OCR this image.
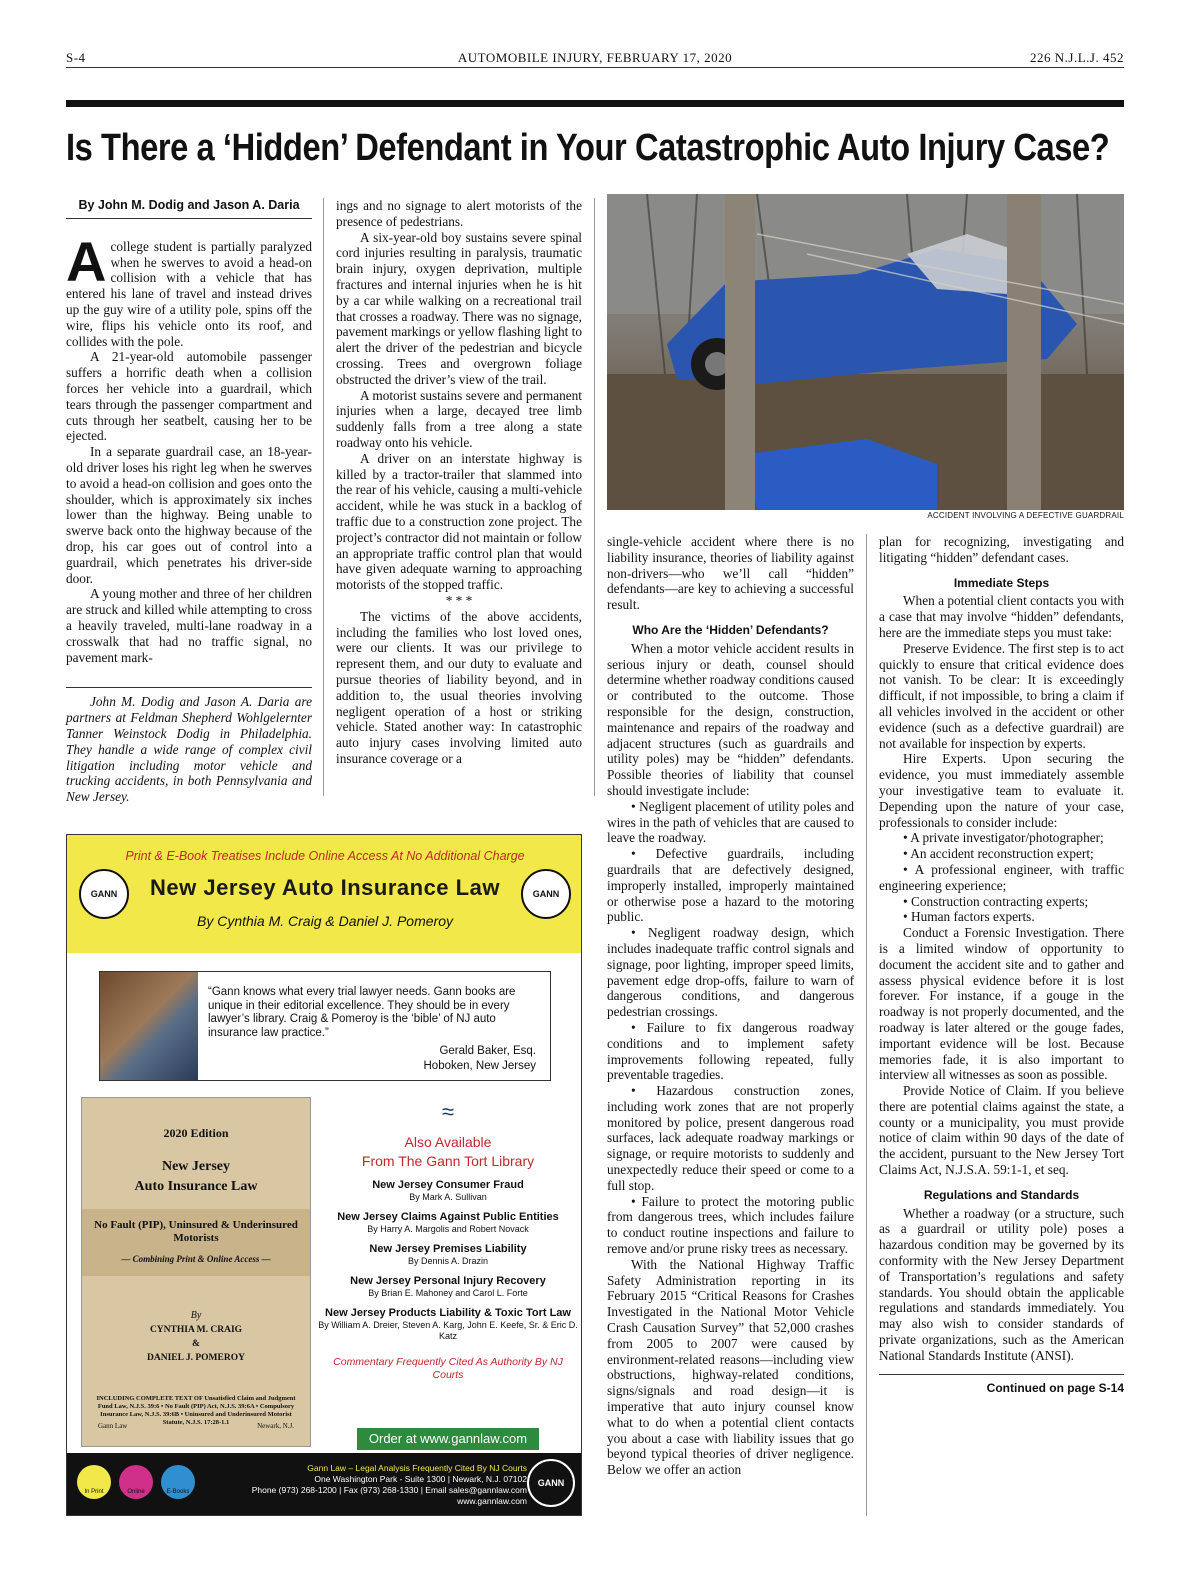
S-4	AUTOMOBILE INJURY, FEBRUARY 17, 2020	226 N.J.L.J. 452
Is There a ‘Hidden’ Defendant in Your Catastrophic Auto Injury Case?
By John M. Dodig and Jason A. Daria

Acollege student is partially paralyzed when he swerves to avoid a head-on collision with a vehicle that has entered his lane of travel and instead drives up the guy wire of a utility pole, spins off the wire, flips his vehicle onto its roof, and collides with the pole.

A 21-year-old automobile passenger suffers a horrific death when a collision forces her vehicle into a guardrail, which tears through the passenger compartment and cuts through her seatbelt, causing her to be ejected.

In a separate guardrail case, an 18-year-old driver loses his right leg when he swerves to avoid a head-on collision and goes onto the shoulder, which is approximately six inches lower than the highway. Being unable to swerve back onto the highway because of the drop, his car goes out of control into a guardrail, which penetrates his driver-side door.

A young mother and three of her children are struck and killed while attempting to cross a heavily traveled, multi-lane roadway in a crosswalk that had no traffic signal, no pavement mark-

John M. Dodig and Jason A. Daria are partners at Feldman Shepherd Wohlgelernter Tanner Weinstock Dodig in Philadelphia. They handle a wide range of complex civil litigation including motor vehicle and trucking accidents, in both Pennsylvania and New Jersey.

ings and no signage to alert motorists of the presence of pedestrians.

A six-year-old boy sustains severe spinal cord injuries resulting in paralysis, traumatic brain injury, oxygen deprivation, multiple fractures and internal injuries when he is hit by a car while walking on a recreational trail that crosses a roadway. There was no signage, pavement markings or yellow flashing light to alert the driver of the pedestrian and bicycle crossing. Trees and overgrown foliage obstructed the driver’s view of the trail.

A motorist sustains severe and permanent injuries when a large, decayed tree limb suddenly falls from a tree along a state roadway onto his vehicle.

A driver on an interstate highway is killed by a tractor-trailer that slammed into the rear of his vehicle, causing a multi-vehicle accident, while he was stuck in a backlog of traffic due to a construction zone project. The project’s contractor did not maintain or follow an appropriate traffic control plan that would have given adequate warning to approaching motorists of the stopped traffic.

* * *

The victims of the above accidents, including the families who lost loved ones, were our clients. It was our privilege to represent them, and our duty to evaluate and pursue theories of liability beyond, and in addition to, the usual theories involving negligent operation of a host or striking vehicle. Stated another way: In catastrophic auto injury cases involving limited auto insurance coverage or a

ACCIDENT INVOLVING A DEFECTIVE GUARDRAIL

single-vehicle accident where there is no liability insurance, theories of liability against non-drivers—who we’ll call “hidden” defendants—are key to achieving a successful result.

Who Are the ‘Hidden’ Defendants?

When a motor vehicle accident results in serious injury or death, counsel should determine whether roadway conditions caused or contributed to the outcome. Those responsible for the design, construction, maintenance and repairs of the roadway and adjacent structures (such as guardrails and utility poles) may be “hidden” defendants. Possible theories of liability that counsel should investigate include:

• Negligent placement of utility poles and wires in the path of vehicles that are caused to leave the roadway.

• Defective guardrails, including guardrails that are defectively designed, improperly installed, improperly maintained or otherwise pose a hazard to the motoring public.

• Negligent roadway design, which includes inadequate traffic control signals and signage, poor lighting, improper speed limits, pavement edge drop-offs, failure to warn of dangerous conditions, and dangerous pedestrian crossings.

• Failure to fix dangerous roadway conditions and to implement safety improvements following repeated, fully preventable tragedies.

• Hazardous construction zones, including work zones that are not properly monitored by police, present dangerous road surfaces, lack adequate roadway markings or signage, or require motorists to suddenly and unexpectedly reduce their speed or come to a full stop.

• Failure to protect the motoring public from dangerous trees, which includes failure to conduct routine inspections and failure to remove and/or prune risky trees as necessary.

With the National Highway Traffic Safety Administration reporting in its February 2015 “Critical Reasons for Crashes Investigated in the National Motor Vehicle Crash Causation Survey” that 52,000 crashes from 2005 to 2007 were caused by environment-related reasons—including view obstructions, highway-related conditions, signs/signals and road design—it is imperative that auto injury counsel know what to do when a potential client contacts you about a case with liability issues that go beyond typical theories of driver negligence. Below we offer an action

plan for recognizing, investigating and litigating “hidden” defendant cases.

Immediate Steps

When a potential client contacts you with a case that may involve “hidden” defendants, here are the immediate steps you must take:

Preserve Evidence. The first step is to act quickly to ensure that critical evidence does not vanish. To be clear: It is exceedingly difficult, if not impossible, to bring a claim if all vehicles involved in the accident or other evidence (such as a defective guardrail) are not available for inspection by experts.

Hire Experts. Upon securing the evidence, you must immediately assemble your investigative team to evaluate it. Depending upon the nature of your case, professionals to consider include:

• A private investigator/photographer;

• An accident reconstruction expert;

• A professional engineer, with traffic engineering experience;

• Construction contracting experts;

• Human factors experts.

Conduct a Forensic Investigation. There is a limited window of opportunity to document the accident site and to gather and assess physical evidence before it is lost forever. For instance, if a gouge in the roadway is not properly documented, and the roadway is later altered or the gouge fades, important evidence will be lost. Because memories fade, it is also important to interview all witnesses as soon as possible.

Provide Notice of Claim. If you believe there are potential claims against the state, a county or a municipality, you must provide notice of claim within 90 days of the date of the accident, pursuant to the New Jersey Tort Claims Act, N.J.S.A. 59:1-1, et seq.

Regulations and Standards

Whether a roadway (or a structure, such as a guardrail or utility pole) poses a hazardous condition may be governed by its conformity with the New Jersey Department of Transportation’s regulations and safety standards. You should obtain the applicable regulations and standards immediately. You may also wish to consider standards of private organizations, such as the American National Standards Institute (ANSI).

Continued on page S-14
Print & E-Book Treatises Include Online Access At No Additional Charge
GANN	New Jersey Auto Insurance Law	GANN
By Cynthia M. Craig & Daniel J. Pomeroy
“Gann knows what every trial lawyer needs. Gann books are unique in their editorial excellence. They should be in every lawyer’s library. Craig & Pomeroy is the ‘bible’ of NJ auto insurance law practice.”
Gerald Baker, Esq.
Hoboken, New Jersey
2020 Edition
New Jersey
Auto Insurance Law
No Fault (PIP), Uninsured & Underinsured Motorists
— Combining Print & Online Access —
By
CYNTHIA M. CRAIG
&
DANIEL J. POMEROY
INCLUDING COMPLETE TEXT OF Unsatisfied Claim and Judgment Fund Law, N.J.S. 39:6 • No Fault (PIP) Act, N.J.S. 39:6A • Compulsory Insurance Law, N.J.S. 39:6B • Uninsured and Underinsured Motorist Statute, N.J.S. 17:28-1.1
Gann Law	Newark, N.J.
≈
Also Available
From The Gann Tort Library
New Jersey Consumer Fraud
By Mark A. Sullivan
New Jersey Claims Against Public Entities
By Harry A. Margolis and Robert Novack
New Jersey Premises Liability
By Dennis A. Drazin
New Jersey Personal Injury Recovery
By Brian E. Mahoney and Carol L. Forte
New Jersey Products Liability & Toxic Tort Law
By William A. Dreier, Steven A. Karg, John E. Keefe, Sr. & Eric D. Katz
Commentary Frequently Cited As Authority By NJ Courts
Order at www.gannlaw.com
In Print	Online	E-Books
Gann Law – Legal Analysis Frequently Cited By NJ Courts
One Washington Park - Suite 1300 | Newark, N.J. 07102
Phone (973) 268-1200 | Fax (973) 268-1330 | Email sales@gannlaw.com www.gannlaw.com
GANN
